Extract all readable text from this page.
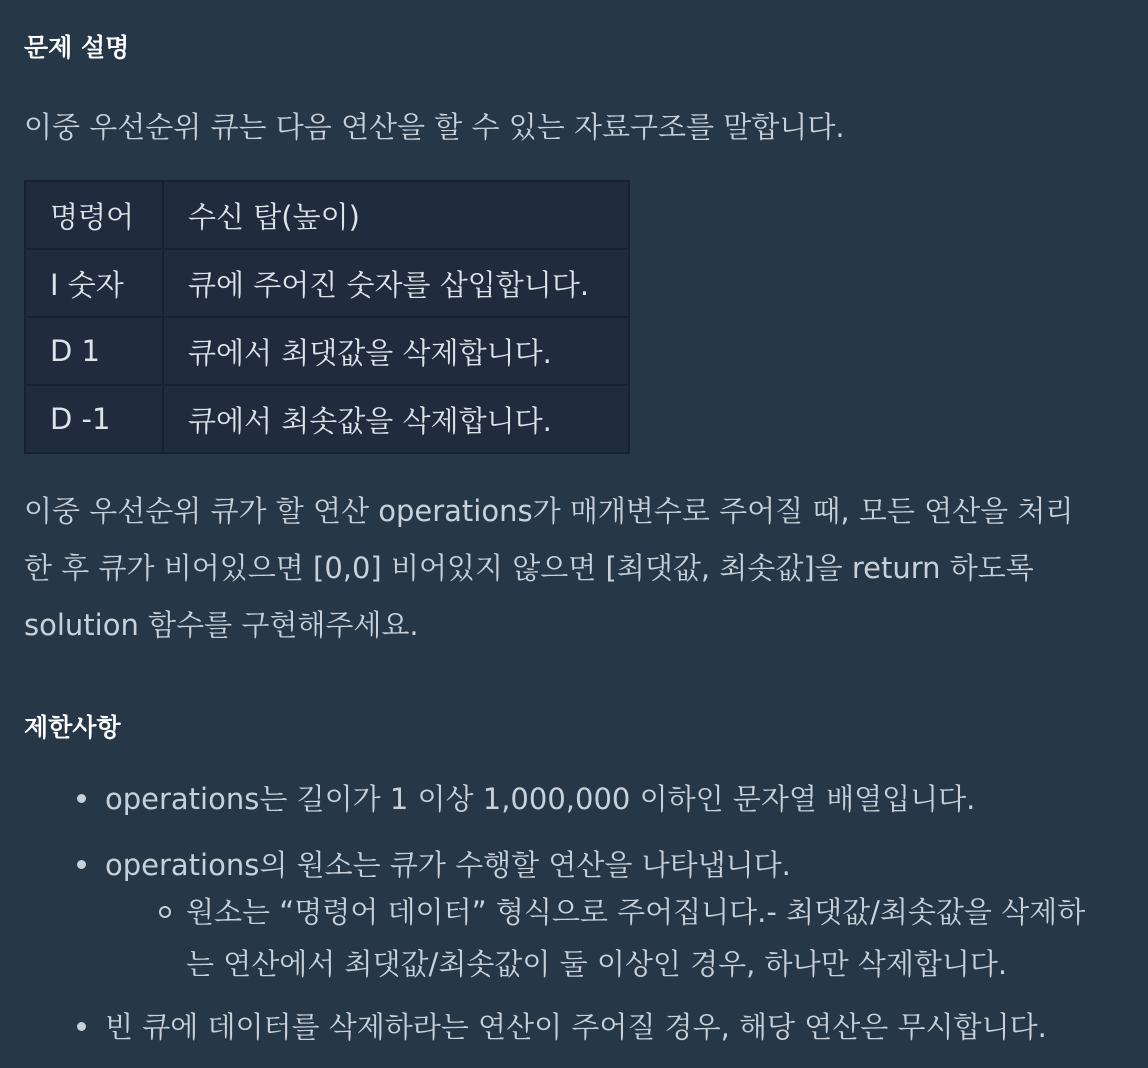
문제 설명
이중 우선순위 큐는 다음 연산을 할 수 있는 자료구조를 말합니다.
명령어	수신 탑(높이)
I 숫자	큐에 주어진 숫자를 삽입합니다.
D 1	큐에서 최댓값을 삭제합니다.
D -1	큐에서 최솟값을 삭제합니다.
이중 우선순위 큐가 할 연산 operations가 매개변수로 주어질 때, 모든 연산을 처리
한 후 큐가 비어있으면 [0,0] 비어있지 않으면 [최댓값, 최솟값]을 return 하도록
solution 함수를 구현해주세요.
제한사항
operations는 길이가 1 이상 1,000,000 이하인 문자열 배열입니다.
operations의 원소는 큐가 수행할 연산을 나타냅니다.
원소는 “명령어 데이터” 형식으로 주어집니다.- 최댓값/최솟값을 삭제하
는 연산에서 최댓값/최솟값이 둘 이상인 경우, 하나만 삭제합니다.
빈 큐에 데이터를 삭제하라는 연산이 주어질 경우, 해당 연산은 무시합니다.
